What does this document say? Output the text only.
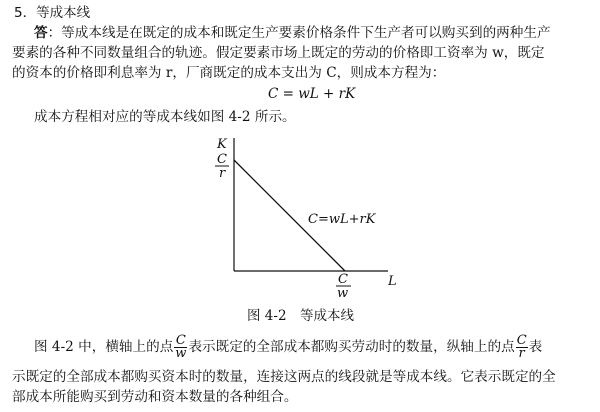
5．等成本线
答：等成本线是在既定的成本和既定生产要素价格条件下生产者可以购买到的两种生产
要素的各种不同数量组合的轨迹。假定要素市场上既定的劳动的价格即工资率为 w，既定
的资本的价格即利息率为 r，厂商既定的成本支出为 C，则成本方程为：
C = wL + rK
成本方程相对应的等成本线如图 4-2 所示。
K
L
C
r
C
w
C=wL+rK
图 4-2　等成本线
图 4-2 中，横轴上的点 $\frac{C}{w}$ 表示既定的全部成本都购买劳动时的数量，纵轴上的点 $\frac{C}{r}$ 表
示既定的全部成本都购买资本时的数量，连接这两点的线段就是等成本线。它表示既定的全
部成本所能购买到劳动和资本数量的各种组合。
